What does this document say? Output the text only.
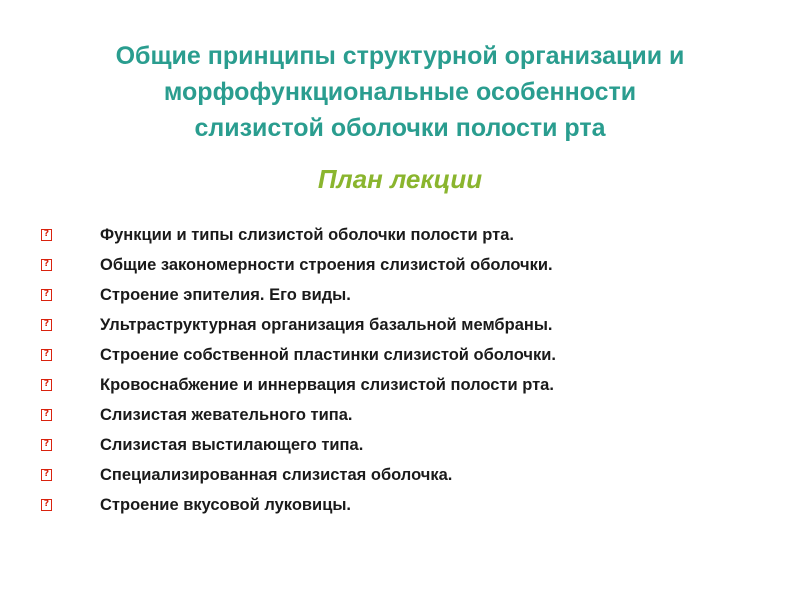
Общие принципы структурной организации и
морфофункциональные особенности
слизистой оболочки полости рта
План лекции
?	Функции и типы слизистой оболочки полости рта.
?	Общие закономерности строения слизистой оболочки.
?	Строение эпителия. Его виды.
?	Ультраструктурная организация базальной мембраны.
?	Строение собственной пластинки слизистой оболочки.
?	Кровоснабжение и иннервация слизистой полости рта.
?	Слизистая жевательного типа.
?	Слизистая выстилающего типа.
?	Специализированная слизистая оболочка.
?	Строение вкусовой луковицы.
